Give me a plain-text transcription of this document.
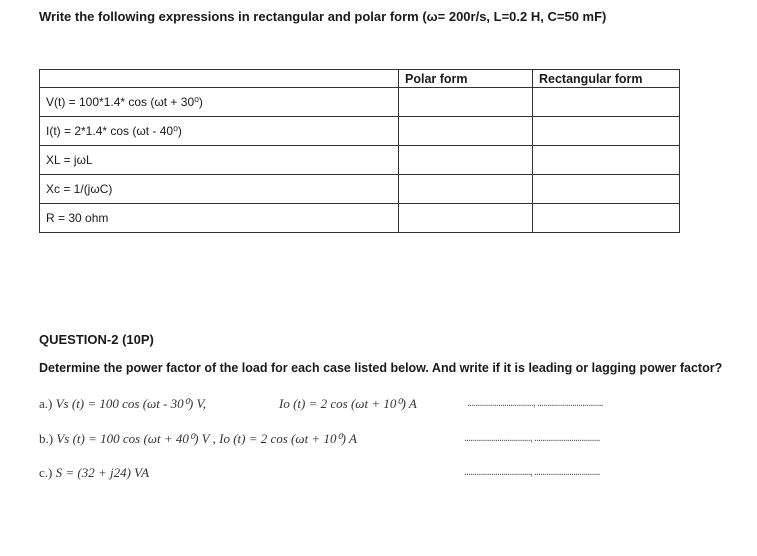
Write the following expressions in rectangular and polar form (ω= 200r/s, L=0.2 H, C=50 mF)
	Polar form	Rectangular form
V(t) = 100*1.4* cos (ωt + 30⁰)		
I(t) = 2*1.4* cos (ωt - 40⁰)		
XL = jωL		
Xc = 1/(jωC)		
R = 30 ohm		
QUESTION-2 (10P)
Determine the power factor of the load for each case listed below. And write if it is leading or lagging power factor?
a.) Vs (t) = 100 cos (ωt - 30⁰) V,	Io (t) = 2 cos (ωt + 10⁰) A	................................, ................................
b.) Vs (t) = 100 cos (ωt + 40⁰) V , Io (t) = 2 cos (ωt + 10⁰) A	................................, ................................
c.) S = (32 + j24) VA	................................, ................................
